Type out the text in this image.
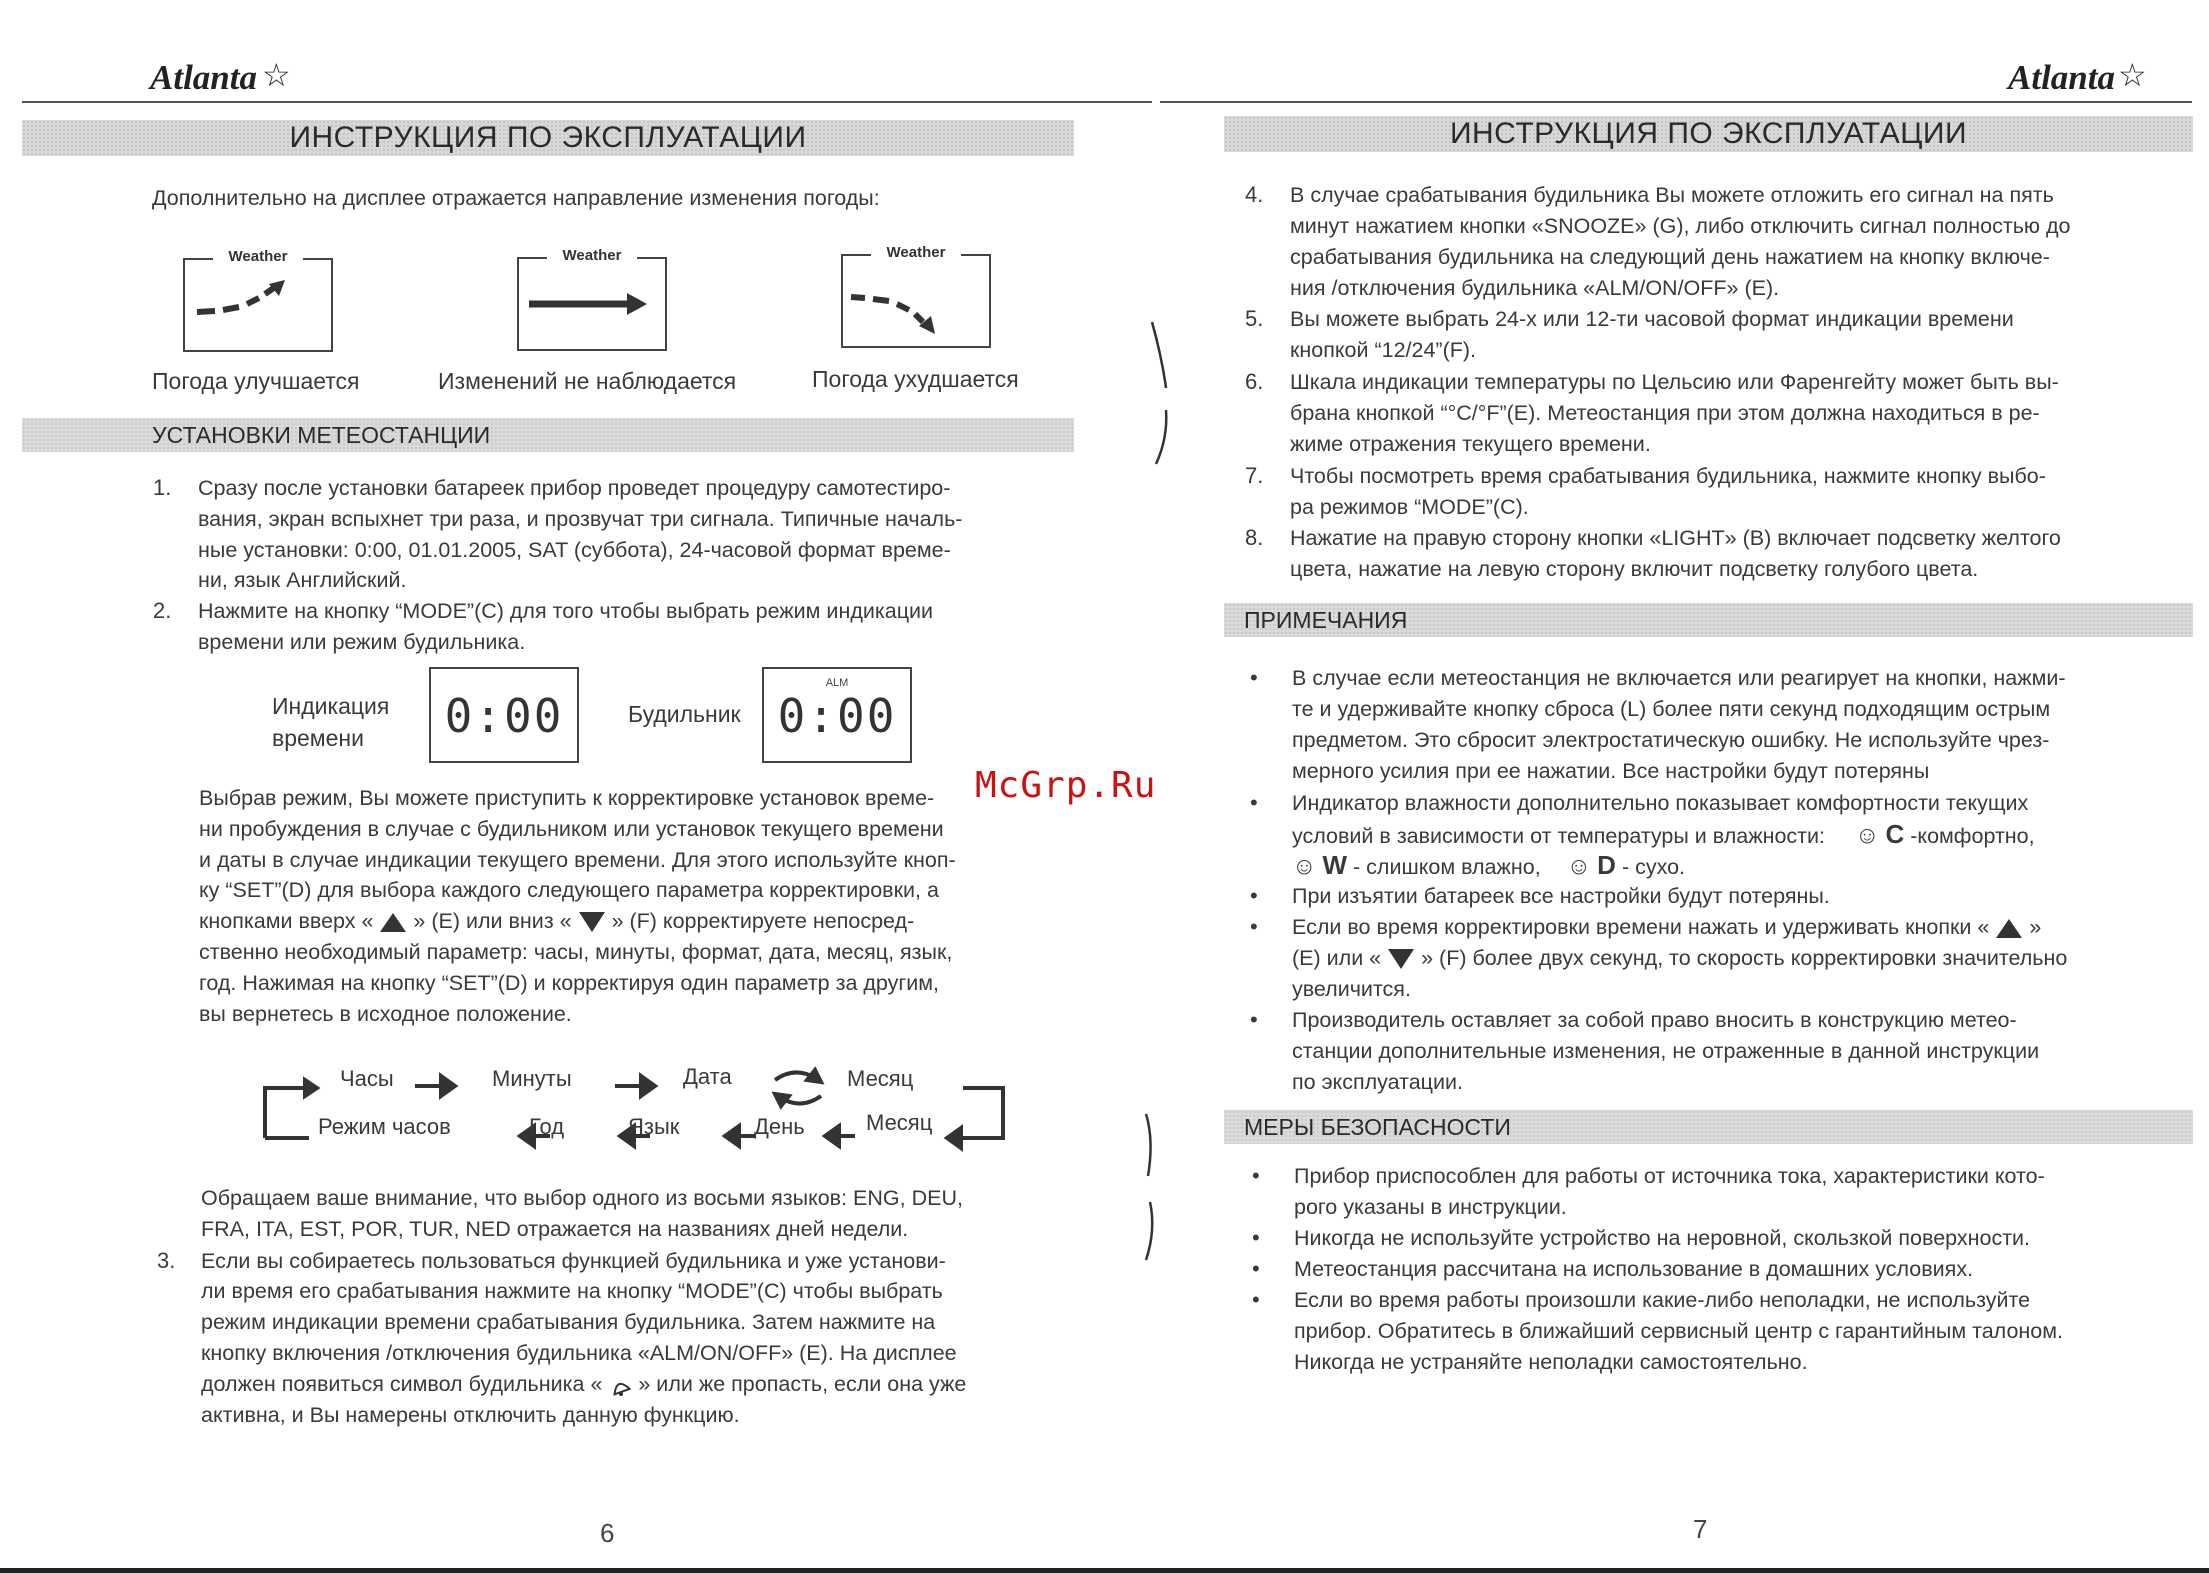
Atlanta ☆
ИНСТРУКЦИЯ ПО ЭКСПЛУАТАЦИИ
Дополнительно на дисплее отражается направление изменения погоды:
Weather
Погода улучшается
Weather
Изменений не наблюдается
Weather
Погода ухудшается
УСТАНОВКИ МЕТЕОСТАНЦИИ
1. Сразу после установки батареек прибор проведет процедуру самотестиро-
вания, экран вспыхнет три раза, и прозвучат три сигнала. Типичные началь-
ные установки: 0:00, 01.01.2005, SAT (суббота), 24-часовой формат време-
ни, язык Английский.
2. Нажмите на кнопку “MODE”(C) для того чтобы выбрать режим индикации
времени или режим будильника.
Индикация
времени 0:00	Будильник
ALM
0:00
Выбрав режим, Вы можете приступить к корректировке установок време-
ни пробуждения в случае с будильником или установок текущего времени
и даты в случае индикации текущего времени. Для этого используйте кноп-
ку “SET”(D) для выбора каждого следующего параметра корректировки, а
кнопками вверх « » (E) или вниз « » (F) корректируете непосред-
ственно необходимый параметр: часы, минуты, формат, дата, месяц, язык,
год. Нажимая на кнопку “SET”(D) и корректируя один параметр за другим,
вы вернетесь в исходное положение.
Часы	Минуты	Дата	Месяц
Режим часов	Год	Язык	День	Месяц
Обращаем ваше внимание, что выбор одного из восьми языков: ENG, DEU,
FRA, ITA, EST, POR, TUR, NED отражается на названиях дней недели.
3. Если вы собираетесь пользоваться функцией будильника и уже установи-
ли время его срабатывания нажмите на кнопку “MODE”(C) чтобы выбрать
режим индикации времени срабатывания будильника. Затем нажмите на
кнопку включения /отключения будильника «ALM/ON/OFF» (E). На дисплее
должен появиться символ будильника « » или же пропасть, если она уже
активна, и Вы намерены отключить данную функцию.
6
Atlanta ☆
ИНСТРУКЦИЯ ПО ЭКСПЛУАТАЦИИ
4. В случае срабатывания будильника Вы можете отложить его сигнал на пять
минут нажатием кнопки «SNOOZE» (G), либо отключить сигнал полностью до
срабатывания будильника на следующий день нажатием на кнопку включе-
ния /отключения будильника «ALM/ON/OFF» (E).
5. Вы можете выбрать 24-х или 12-ти часовой формат индикации времени
кнопкой “12/24”(F).
6. Шкала индикации температуры по Цельсию или Фаренгейту может быть вы-
брана кнопкой “°C/°F”(E). Метеостанция при этом должна находиться в ре-
жиме отражения текущего времени.
7. Чтобы посмотреть время срабатывания будильника, нажмите кнопку выбо-
ра режимов “MODE”(C).
8. Нажатие на правую сторону кнопки «LIGHT» (B) включает подсветку желтого
цвета, нажатие на левую сторону включит подсветку голубого цвета.
ПРИМЕЧАНИЯ
• В случае если метеостанция не включается или реагирует на кнопки, нажми-
те и удерживайте кнопку сброса (L) более пяти секунд подходящим острым
предметом. Это сбросит электростатическую ошибку. Не используйте чрез-
мерного усилия при ее нажатии. Все настройки будут потеряны
• Индикатор влажности дополнительно показывает комфортности текущих
условий в зависимости от температуры и влажности: ☺ C -комфортно,
☺ W - слишком влажно, ☺ D - сухо.
• При изъятии батареек все настройки будут потеряны.
• Если во время корректировки времени нажать и удерживать кнопки « »
(E) или « » (F) более двух секунд, то скорость корректировки значительно
увеличится.
• Производитель оставляет за собой право вносить в конструкцию метео-
станции дополнительные изменения, не отраженные в данной инструкции
по эксплуатации.
МЕРЫ БЕЗОПАСНОСТИ
• Прибор приспособлен для работы от источника тока, характеристики кото-
рого указаны в инструкции.
• Никогда не используйте устройство на неровной, скользкой поверхности.
• Метеостанция рассчитана на использование в домашних условиях.
• Если во время работы произошли какие-либо неполадки, не используйте
прибор. Обратитесь в ближайший сервисный центр с гарантийным талоном.
Никогда не устраняйте неполадки самостоятельно.
7
McGrp.Ru
